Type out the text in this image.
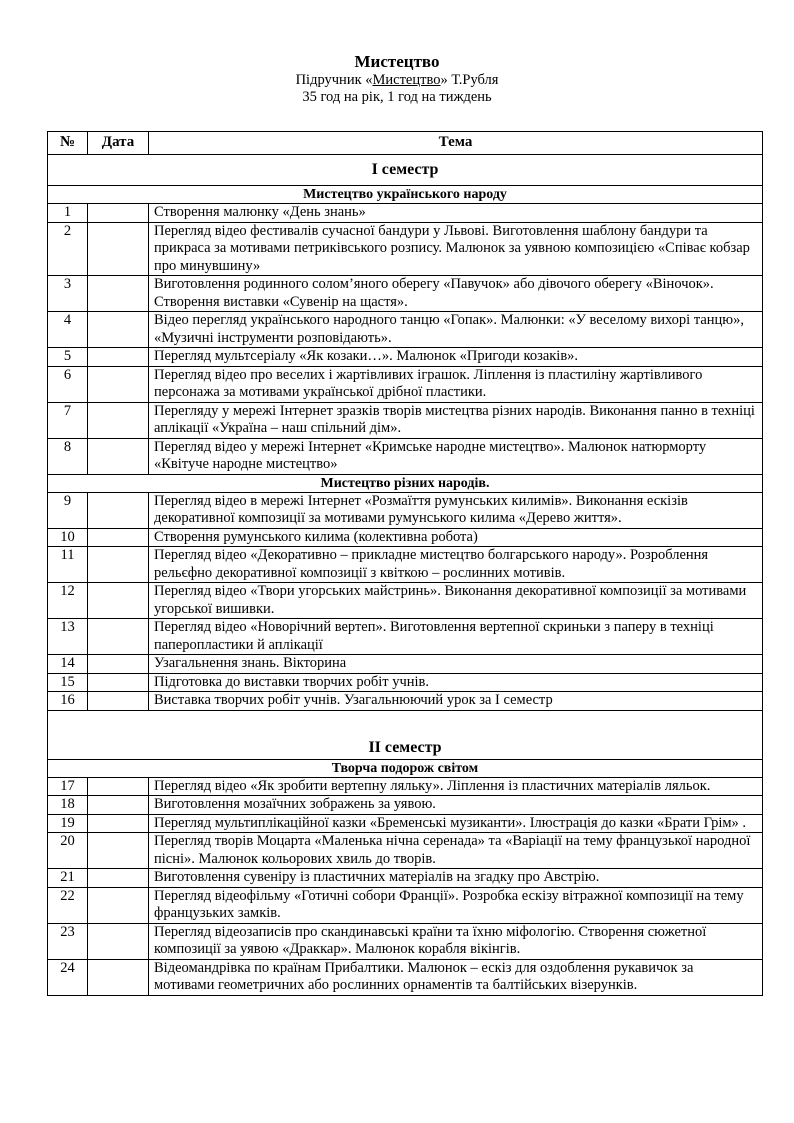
Мистецтво

Підручник «Мистецтво» Т.Рубля

35 год на рік, 1 год на тиждень

№	Дата	Тема
І семестр		
Мистецтво українського народу		
1		Створення малюнку «День знань»
2		Перегляд відео фестивалів сучасної бандури у Львові. Виготовлення шаблону бандури та прикраса за мотивами петриківського розпису. Малюнок за уявною композицією «Співає кобзар про минувшину»
3		Виготовлення родинного солом’яного оберегу «Павучок» або дівочого оберегу «Віночок». Створення виставки «Сувенір на щастя».
4		Відео перегляд українського народного танцю «Гопак». Малюнки: «У веселому вихорі танцю», «Музичні інструменти розповідають».
5		Перегляд мультсеріалу «Як козаки…». Малюнок «Пригоди козаків».
6		Перегляд відео про веселих і жартівливих іграшок. Ліплення із пластиліну жартівливого персонажа за мотивами української дрібної пластики.
7		Перегляду у мережі Інтернет зразків творів мистецтва різних народів. Виконання панно в техніці аплікації «Україна – наш спільний дім».
8		Перегляд відео у мережі Інтернет «Кримське народне мистецтво». Малюнок натюрморту «Квітуче народне мистецтво»
Мистецтво різних народів.		
9		Перегляд відео в мережі Інтернет «Розмаїття румунських килимів». Виконання ескізів декоративної композиції за мотивами румунського килима «Дерево життя».
10		Створення румунського килима (колективна робота)
11		Перегляд відео «Декоративно – прикладне мистецтво болгарського народу». Розроблення рельєфно декоративної композиції з квіткою – рослинних мотивів.
12		Перегляд відео «Твори угорських майстринь». Виконання декоративної композиції за мотивами угорської вишивки.
13		Перегляд відео «Новорічний вертеп». Виготовлення вертепної скриньки з паперу в техніці паперопластики й аплікації
14		Узагальнення знань. Вікторина
15		Підготовка до виставки творчих робіт учнів.
16		Виставка творчих робіт учнів. Узагальнюючий урок за І семестр
ІІ семестр		
Творча подорож світом		
17		Перегляд відео «Як зробити вертепну ляльку». Ліплення із пластичних матеріалів ляльок.
18		Виготовлення мозаїчних зображень за уявою.
19		Перегляд мультиплікаційної казки «Бременські музиканти». Ілюстрація до казки «Брати Грім» .
20		Перегляд творів Моцарта «Маленька нічна серенада» та «Варіації на тему французької народної пісні». Малюнок кольорових хвиль до творів.
21		Виготовлення сувеніру із пластичних матеріалів на згадку про Австрію.
22		Перегляд відеофільму «Готичні собори Франції». Розробка ескізу вітражної композиції на тему французьких замків.
23		Перегляд відеозаписів про скандинавські країни та їхню міфологію. Створення сюжетної композиції за уявою «Драккар». Малюнок корабля вікінгів.
24		Відеомандрівка по країнам Прибалтики. Малюнок – ескіз для оздоблення рукавичок за мотивами геометричних або рослинних орнаментів та балтійських візерунків.
